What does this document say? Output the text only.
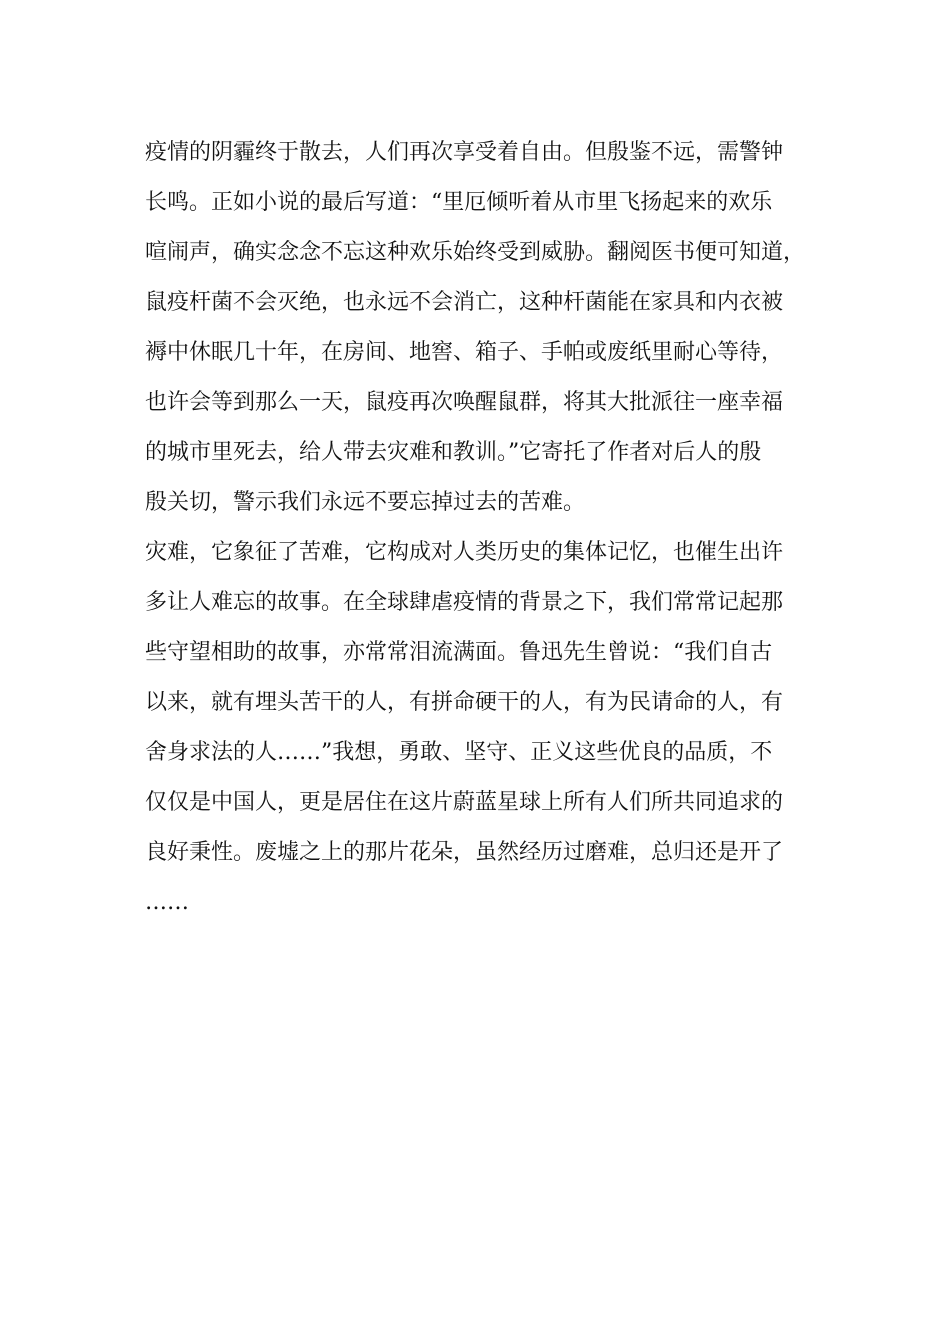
疫情的阴霾终于散去，人们再次享受着自由。但殷鉴不远，需警钟
长鸣。正如小说的最后写道：“里厄倾听着从市里飞扬起来的欢乐
喧闹声，确实念念不忘这种欢乐始终受到威胁。翻阅医书便可知道，
鼠疫杆菌不会灭绝，也永远不会消亡，这种杆菌能在家具和内衣被
褥中休眠几十年，在房间、地窖、箱子、手帕或废纸里耐心等待，
也许会等到那么一天，鼠疫再次唤醒鼠群，将其大批派往一座幸福
的城市里死去，给人带去灾难和教训。”它寄托了作者对后人的殷
殷关切，警示我们永远不要忘掉过去的苦难。
灾难，它象征了苦难，它构成对人类历史的集体记忆，也催生出许
多让人难忘的故事。在全球肆虐疫情的背景之下，我们常常记起那
些守望相助的故事，亦常常泪流满面。鲁迅先生曾说：“我们自古
以来，就有埋头苦干的人，有拼命硬干的人，有为民请命的人，有
舍身求法的人……”我想，勇敢、坚守、正义这些优良的品质，不
仅仅是中国人，更是居住在这片蔚蓝星球上所有人们所共同追求的
良好秉性。废墟之上的那片花朵，虽然经历过磨难，总归还是开了
……
